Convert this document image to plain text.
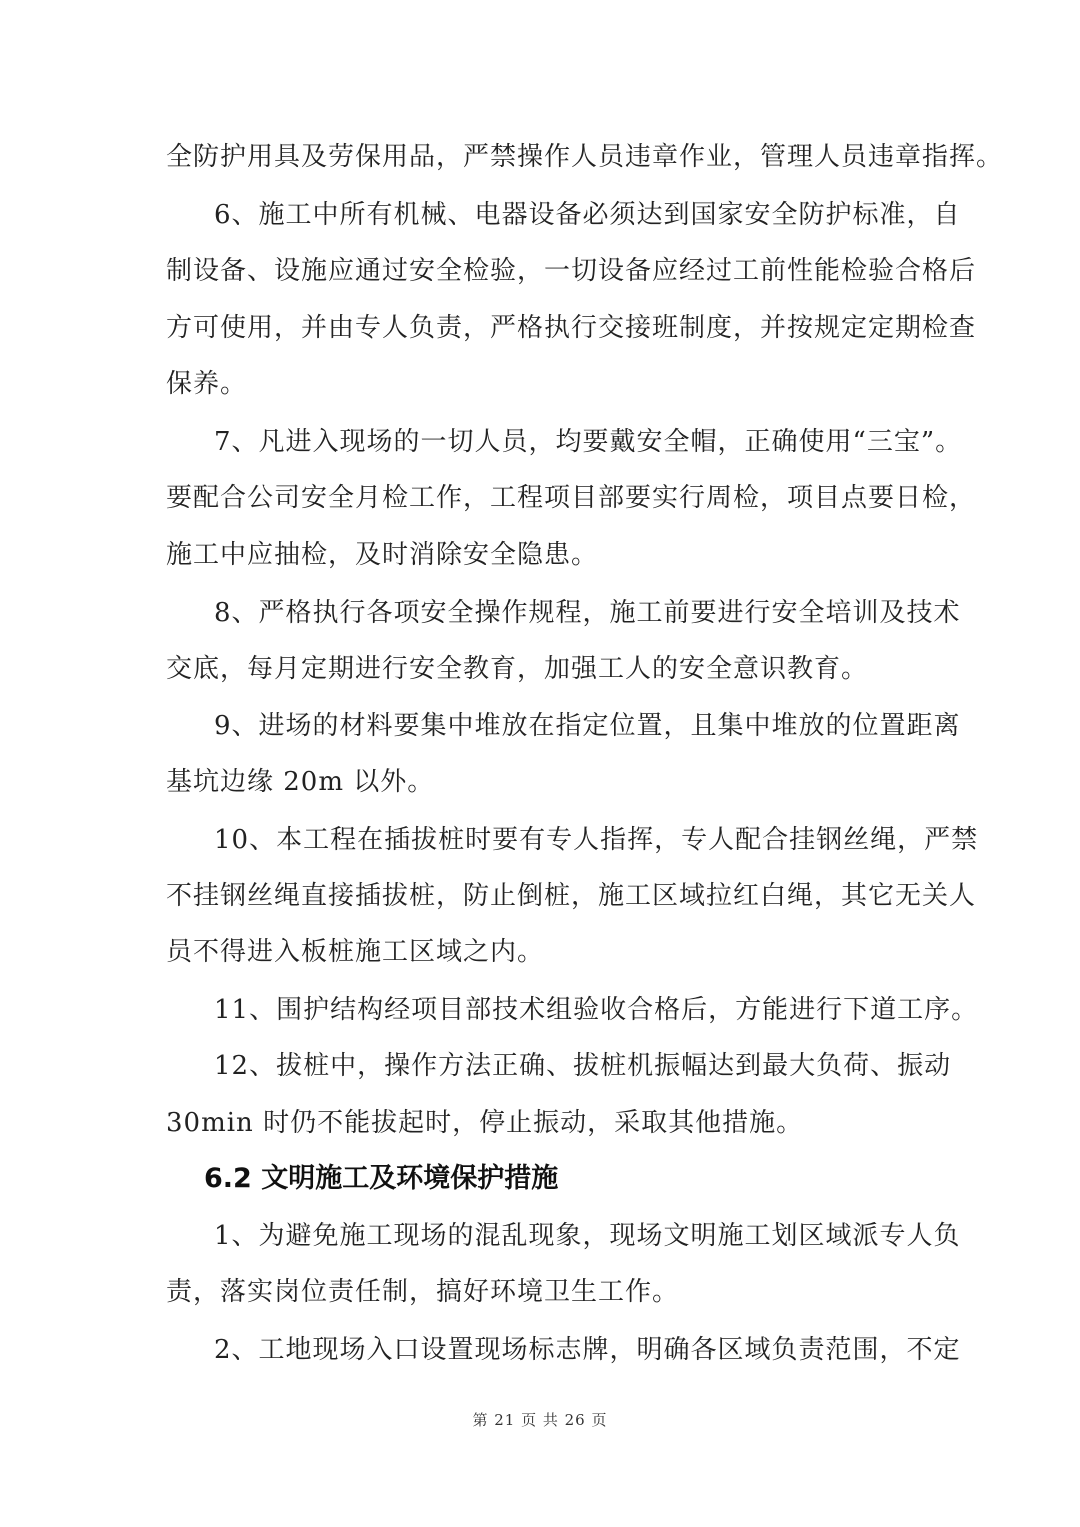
全防护用具及劳保用品，严禁操作人员违章作业，管理人员违章指挥。
6、施工中所有机械、电器设备必须达到国家安全防护标准，自
制设备、设施应通过安全检验，一切设备应经过工前性能检验合格后
方可使用，并由专人负责，严格执行交接班制度，并按规定定期检查
保养。
7、凡进入现场的一切人员，均要戴安全帽，正确使用“三宝”。
要配合公司安全月检工作，工程项目部要实行周检，项目点要日检，
施工中应抽检，及时消除安全隐患。
8、严格执行各项安全操作规程，施工前要进行安全培训及技术
交底，每月定期进行安全教育，加强工人的安全意识教育。
9、进场的材料要集中堆放在指定位置，且集中堆放的位置距离
基坑边缘 20m 以外。
10、本工程在插拔桩时要有专人指挥，专人配合挂钢丝绳，严禁
不挂钢丝绳直接插拔桩，防止倒桩，施工区域拉红白绳，其它无关人
员不得进入板桩施工区域之内。
11、围护结构经项目部技术组验收合格后，方能进行下道工序。
12、拔桩中，操作方法正确、拔桩机振幅达到最大负荷、振动
30min 时仍不能拔起时，停止振动，采取其他措施。
6.2 文明施工及环境保护措施
1、为避免施工现场的混乱现象，现场文明施工划区域派专人负
责，落实岗位责任制，搞好环境卫生工作。
2、工地现场入口设置现场标志牌，明确各区域负责范围，不定
第 21 页 共 26 页
